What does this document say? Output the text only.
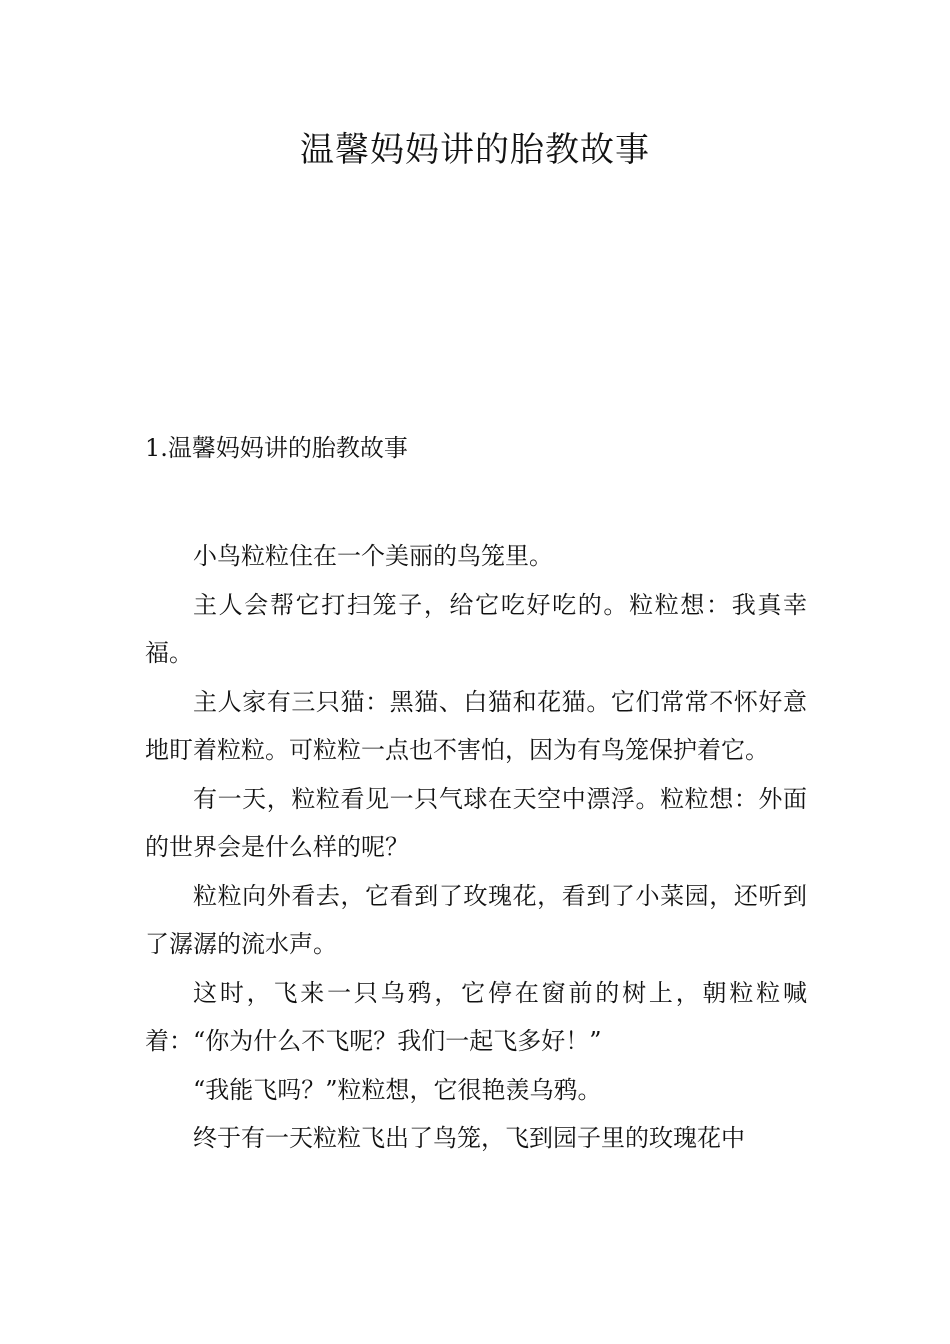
温馨妈妈讲的胎教故事
1.温馨妈妈讲的胎教故事

小鸟粒粒住在一个美丽的鸟笼里。

主人会帮它打扫笼子，给它吃好吃的。粒粒想：我真幸福。

主人家有三只猫：黑猫、白猫和花猫。它们常常不怀好意地盯着粒粒。可粒粒一点也不害怕，因为有鸟笼保护着它。

有一天，粒粒看见一只气球在天空中漂浮。粒粒想：外面的世界会是什么样的呢？

粒粒向外看去，它看到了玫瑰花，看到了小菜园，还听到了潺潺的流水声。

这时，飞来一只乌鸦，它停在窗前的树上，朝粒粒喊着：“你为什么不飞呢？我们一起飞多好！”

“我能飞吗？”粒粒想，它很艳羡乌鸦。

终于有一天粒粒飞出了鸟笼，飞到园子里的玫瑰花中
